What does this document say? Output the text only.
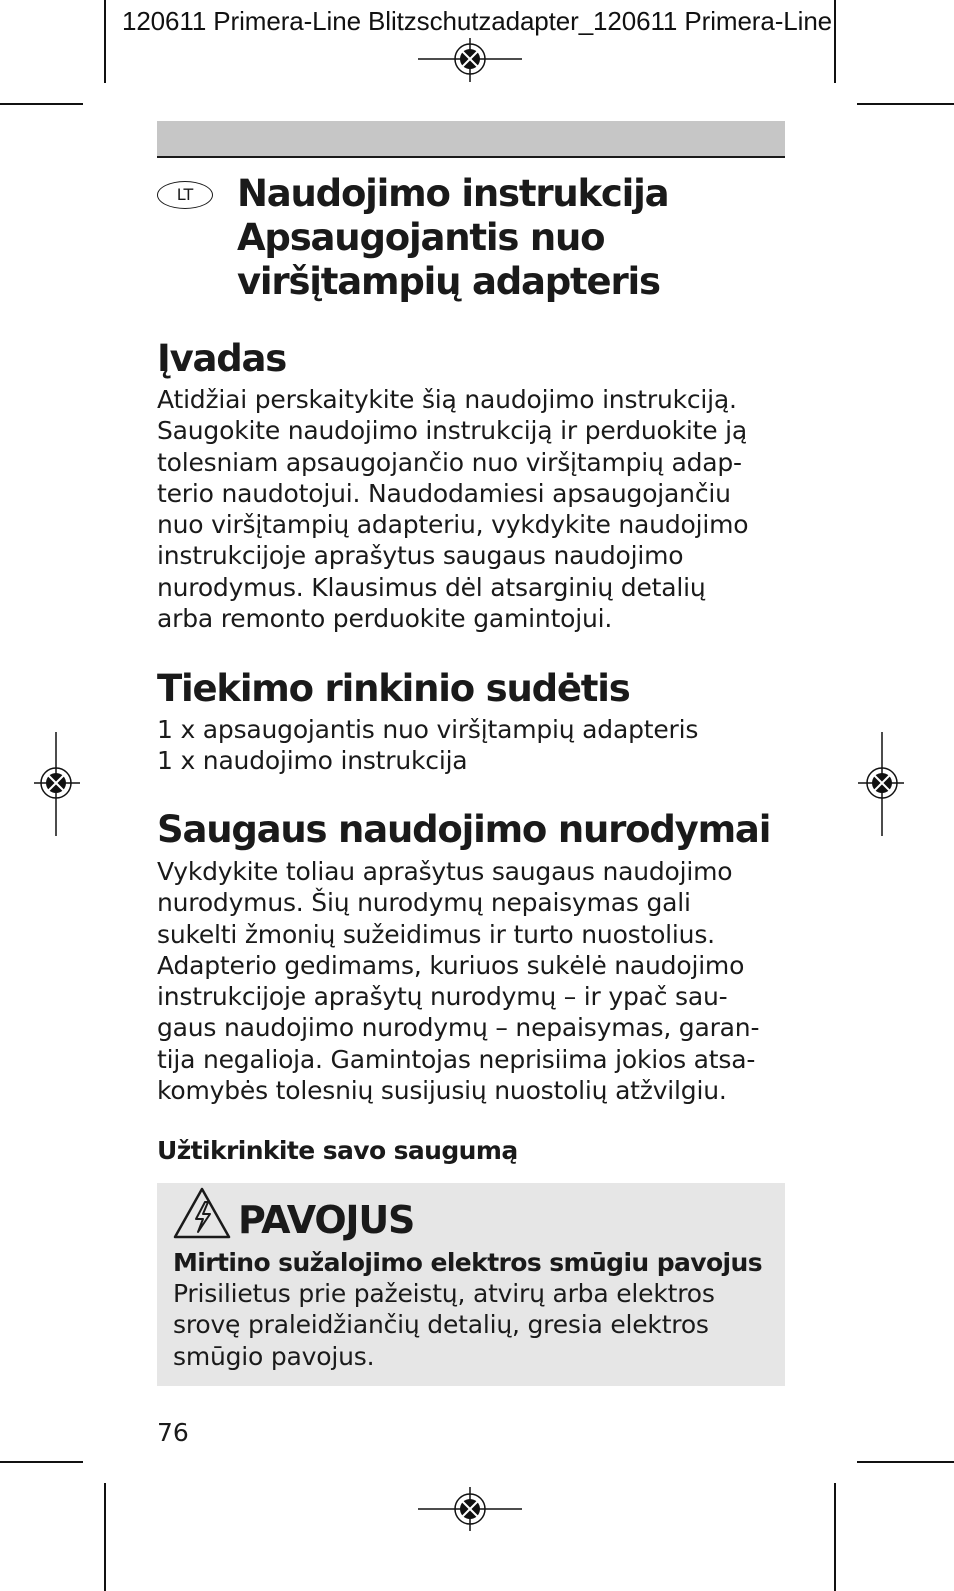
120611 Primera-Line Blitzschutzadapter_120611 Primera-Line
LT	Naudojimo instrukcija
Apsaugojantis nuo
viršįtampių adapteris
Įvadas
Atidžiai perskaitykite šią naudojimo instrukciją.
Saugokite naudojimo instrukciją ir perduokite ją
tolesniam apsaugojančio nuo viršįtampių adap-
terio naudotojui. Naudodamiesi apsaugojančiu
nuo viršįtampių adapteriu, vykdykite naudojimo
instrukcijoje aprašytus saugaus naudojimo
nurodymus. Klausimus dėl atsarginių detalių
arba remonto perduokite gamintojui.
Tiekimo rinkinio sudėtis
1 x apsaugojantis nuo viršįtampių adapteris
1 x naudojimo instrukcija
Saugaus naudojimo nurodymai
Vykdykite toliau aprašytus saugaus naudojimo
nurodymus. Šių nurodymų nepaisymas gali
sukelti žmonių sužeidimus ir turto nuostolius.
Adapterio gedimams, kuriuos sukėlė naudojimo
instrukcijoje aprašytų nurodymų – ir ypač sau-
gaus naudojimo nurodymų – nepaisymas, garan-
tija negalioja. Gamintojas neprisiima jokios atsa-
komybės tolesnių susijusių nuostolių atžvilgiu.
Užtikrinkite savo saugumą
PAVOJUS
Mirtino sužalojimo elektros smūgiu pavojus
Prisilietus prie pažeistų, atvirų arba elektros
srovę praleidžiančių detalių, gresia elektros
smūgio pavojus.
76
